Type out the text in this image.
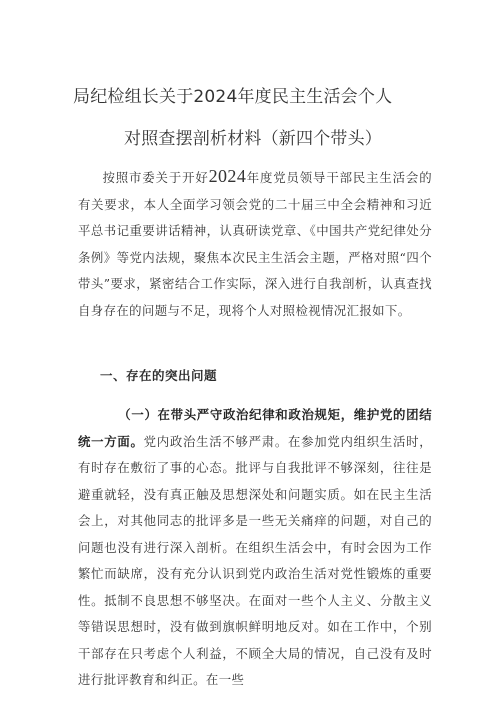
局纪检组长关于2024年度民主生活会个人
对照查摆剖析材料（新四个带头）
按照市委关于开好2024年度党员领导干部民主生活会的有关要求，本人全面学习领会党的二十届三中全会精神和习近平总书记重要讲话精神，认真研读党章、《中国共产党纪律处分条例》等党内法规，聚焦本次民主生活会主题，严格对照“四个带头”要求，紧密结合工作实际，深入进行自我剖析，认真查找自身存在的问题与不足，现将个人对照检视情况汇报如下。
一、存在的突出问题
（一）在带头严守政治纪律和政治规矩，维护党的团结统一方面。党内政治生活不够严肃。在参加党内组织生活时，有时存在敷衍了事的心态。批评与自我批评不够深刻，往往是避重就轻，没有真正触及思想深处和问题实质。如在民主生活会上，对其他同志的批评多是一些无关痛痒的问题，对自己的问题也没有进行深入剖析。在组织生活会中，有时会因为工作繁忙而缺席，没有充分认识到党内政治生活对党性锻炼的重要性。抵制不良思想不够坚决。在面对一些个人主义、分散主义等错误思想时，没有做到旗帜鲜明地反对。如在工作中，个别干部存在只考虑个人利益，不顾全大局的情况，自己没有及时进行批评教育和纠正。在一些
